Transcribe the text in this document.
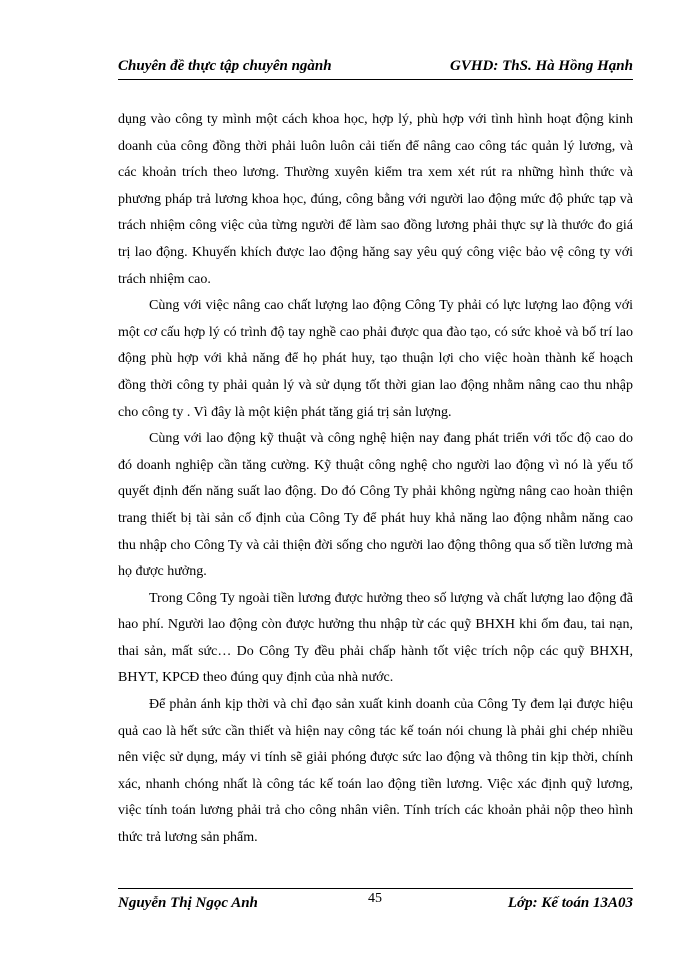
Chuyên đề thực tập chuyên ngành	GVHD: ThS. Hà Hồng Hạnh

dụng vào công ty mình một cách khoa học, hợp lý, phù hợp với tình hình hoạt động kinh doanh của công đồng thời phải luôn luôn cải tiến để nâng cao công tác quản lý lương, và các khoản trích theo lương. Thường xuyên kiểm tra xem xét rút ra những hình thức và phương pháp trả lương khoa học, đúng, công bằng với người lao động mức độ phức tạp và trách nhiệm công việc của từng người để làm sao đồng lương phải thực sự là thước đo giá trị lao động. Khuyến khích được lao động hăng say yêu quý công việc bảo vệ công ty với trách nhiệm cao.

Cùng với việc nâng cao chất lượng lao động Công Ty phải có lực lượng lao động với một cơ cấu hợp lý có trình độ tay nghề cao phải được qua đào tạo, có sức khoẻ và bố trí lao động phù hợp với khả năng để họ phát huy, tạo thuận lợi cho việc hoàn thành kế hoạch đồng thời công ty phải quản lý và sử dụng tốt thời gian lao động nhằm nâng cao thu nhập cho công ty . Vì đây là một kiện phát tăng giá trị sản lượng.

Cùng với lao động kỹ thuật và công nghệ hiện nay đang phát triển với tốc độ cao do đó doanh nghiệp cần tăng cường. Kỹ thuật công nghệ cho người lao động vì nó là yếu tố quyết định đến năng suất lao động. Do đó Công Ty phải không ngừng nâng cao hoàn thiện trang thiết bị tài sản cố định của Công Ty để phát huy khả năng lao động nhằm năng cao thu nhập cho Công Ty và cải thiện đời sống cho người lao động thông qua số tiền lương mà họ được hưởng.

Trong Công Ty ngoài tiền lương được hưởng theo số lượng và chất lượng lao động đã hao phí. Người lao động còn được hưởng thu nhập từ các quỹ BHXH khi ốm đau, tai nạn, thai sản, mất sức… Do Công Ty đều phải chấp hành tốt việc trích nộp các quỹ BHXH, BHYT, KPCĐ theo đúng quy định của nhà nước.

Để phản ánh kịp thời và chỉ đạo sản xuất kinh doanh của Công Ty đem lại được hiệu quả cao là hết sức cần thiết và hiện nay công tác kế toán nói chung là phải ghi chép nhiều nên việc sử dụng, máy vi tính sẽ giải phóng được sức lao động và thông tin kịp thời, chính xác, nhanh chóng nhất là công tác kế toán lao động tiền lương. Việc xác định quỹ lương, việc tính toán lương phải trả cho công nhân viên. Tính trích các khoản phải nộp theo hình thức trả lương sản phẩm.

Nguyễn Thị Ngọc Anh	45	Lớp: Kế toán 13A03
